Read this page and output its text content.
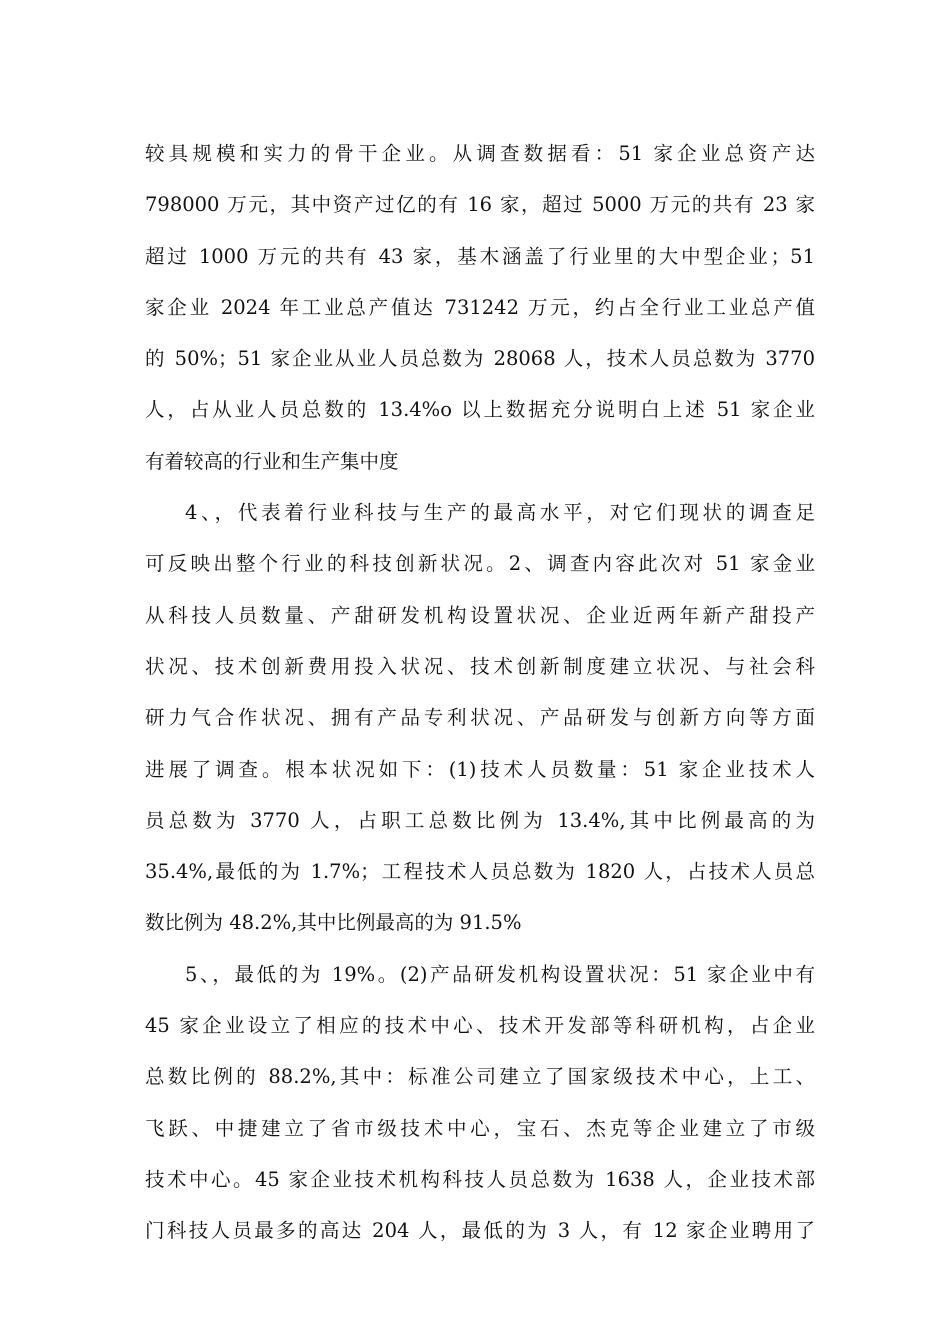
较具规模和实力的骨干企业。从调查数据看：51 家企业总资产达
798000 万元，其中资产过亿的有 16 家，超过 5000 万元的共有 23 家
超过 1000 万元的共有 43 家，基木涵盖了行业里的大中型企业；51
家企业 2024 年工业总产值达 731242 万元，约占全行业工业总产值
的 50%；51 家企业从业人员总数为 28068 人，技术人员总数为 3770
人，占从业人员总数的 13.4%o 以上数据充分说明白上述 51 家企业
有着较高的行业和生产集中度
4、，代表着行业科技与生产的最高水平，对它们现状的调查足
可反映出整个行业的科技创新状况。2、调查内容此次对 51 家金业
从科技人员数量、产甜研发机构设置状况、企业近两年新产甜投产
状况、技术创新费用投入状况、技术创新制度建立状况、与社会科
研力气合作状况、拥有产品专利状况、产品研发与创新方向等方面
进展了调查。根本状况如下：(1)技术人员数量：51 家企业技术人
员总数为 3770 人，占职工总数比例为 13.4%,其中比例最高的为
35.4%,最低的为 1.7%；工程技术人员总数为 1820 人，占技术人员总
数比例为 48.2%,其中比例最高的为 91.5%
5、，最低的为 19%。(2)产品研发机构设置状况：51 家企业中有
45 家企业设立了相应的技术中心、技术开发部等科研机构，占企业
总数比例的 88.2%,其中：标准公司建立了国家级技术中心，上工、
飞跃、中捷建立了省市级技术中心，宝石、杰克等企业建立了市级
技术中心。45 家企业技术机构科技人员总数为 1638 人，企业技术部
门科技人员最多的高达 204 人，最低的为 3 人，有 12 家企业聘用了
